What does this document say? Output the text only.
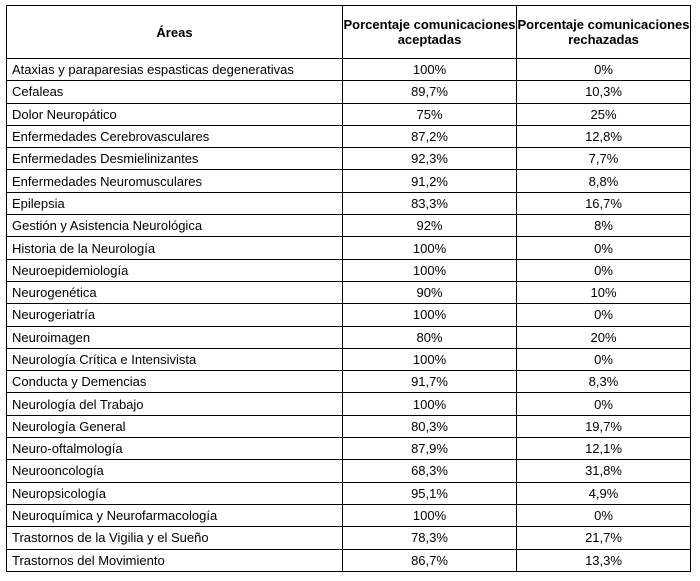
Áreas	Porcentaje comunicaciones aceptadas	Porcentaje comunicaciones rechazadas
Ataxias y paraparesias espasticas degenerativas	100%	0%
Cefaleas	89,7%	10,3%
Dolor Neuropático	75%	25%
Enfermedades Cerebrovasculares	87,2%	12,8%
Enfermedades Desmielinizantes	92,3%	7,7%
Enfermedades Neuromusculares	91,2%	8,8%
Epilepsia	83,3%	16,7%
Gestión y Asistencia Neurológica	92%	8%
Historia de la Neurología	100%	0%
Neuroepidemiología	100%	0%
Neurogenética	90%	10%
Neurogeriatría	100%	0%
Neuroimagen	80%	20%
Neurología Crítica e Intensivista	100%	0%
Conducta y Demencias	91,7%	8,3%
Neurología del Trabajo	100%	0%
Neurología General	80,3%	19,7%
Neuro-oftalmología	87,9%	12,1%
Neurooncología	68,3%	31,8%
Neuropsicología	95,1%	4,9%
Neuroquímica y Neurofarmacología	100%	0%
Trastornos de la Vigilia y el Sueño	78,3%	21,7%
Trastornos del Movimiento	86,7%	13,3%
